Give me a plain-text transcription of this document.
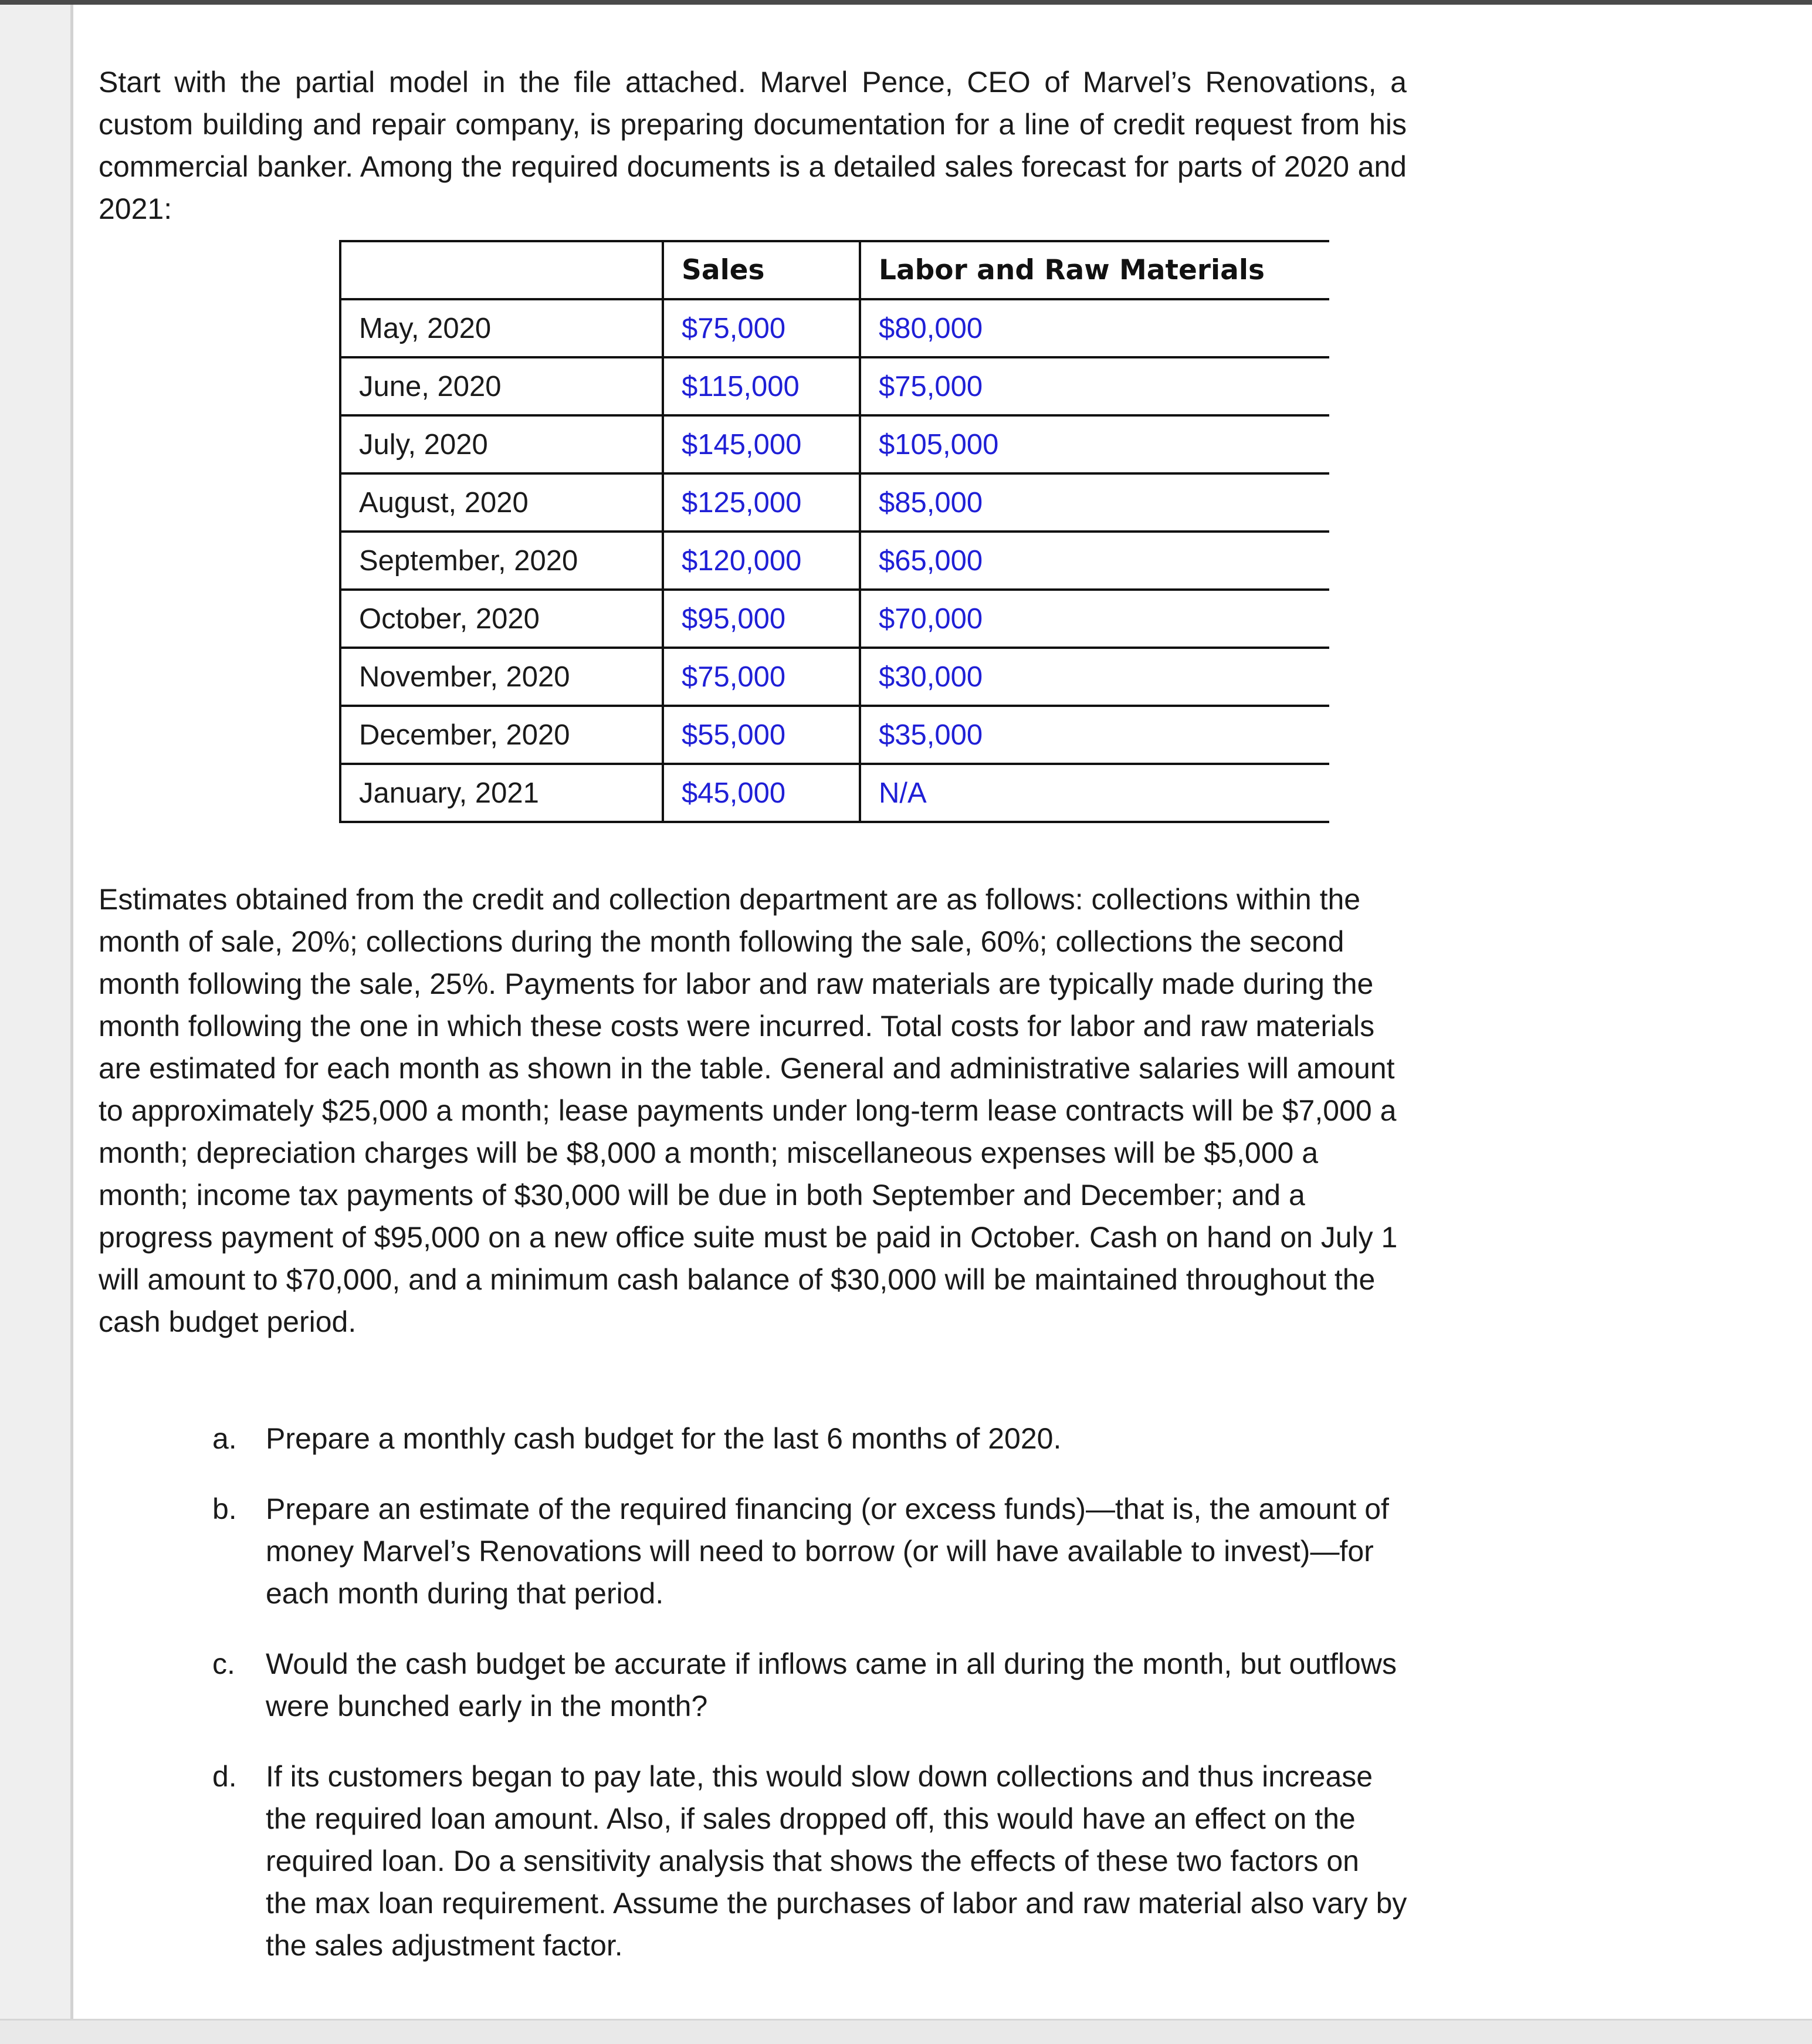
Start with the partial model in the file attached. Marvel Pence, CEO of Marvel’s Renovations, a custom building and repair company, is preparing documentation for a line of credit request from his commercial banker. Among the required documents is a detailed sales forecast for parts of 2020 and 2021:

	Sales	Labor and Raw Materials
May, 2020	$75,000	$80,000
June, 2020	$115,000	$75,000
July, 2020	$145,000	$105,000
August, 2020	$125,000	$85,000
September, 2020	$120,000	$65,000
October, 2020	$95,000	$70,000
November, 2020	$75,000	$30,000
December, 2020	$55,000	$35,000
January, 2021	$45,000	N/A

Estimates obtained from the credit and collection department are as follows: collections within the month of sale, 20%; collections during the month following the sale, 60%; collections the second month following the sale, 25%. Payments for labor and raw materials are typically made during the month following the one in which these costs were incurred. Total costs for labor and raw materials are estimated for each month as shown in the table. General and administrative salaries will amount to approximately $25,000 a month; lease payments under long-term lease contracts will be $7,000 a month; depreciation charges will be $8,000 a month; miscellaneous expenses will be $5,000 a month; income tax payments of $30,000 will be due in both September and December; and a progress payment of $95,000 on a new office suite must be paid in October. Cash on hand on July 1 will amount to $70,000, and a minimum cash balance of $30,000 will be maintained throughout the cash budget period.

a. Prepare a monthly cash budget for the last 6 months of 2020.
b. Prepare an estimate of the required financing (or excess funds)—that is, the amount of money Marvel’s Renovations will need to borrow (or will have available to invest)—for each month during that period.
c. Would the cash budget be accurate if inflows came in all during the month, but outflows were bunched early in the month?
d. If its customers began to pay late, this would slow down collections and thus increase the required loan amount. Also, if sales dropped off, this would have an effect on the required loan. Do a sensitivity analysis that shows the effects of these two factors on the max loan requirement. Assume the purchases of labor and raw material also vary by the sales adjustment factor.
